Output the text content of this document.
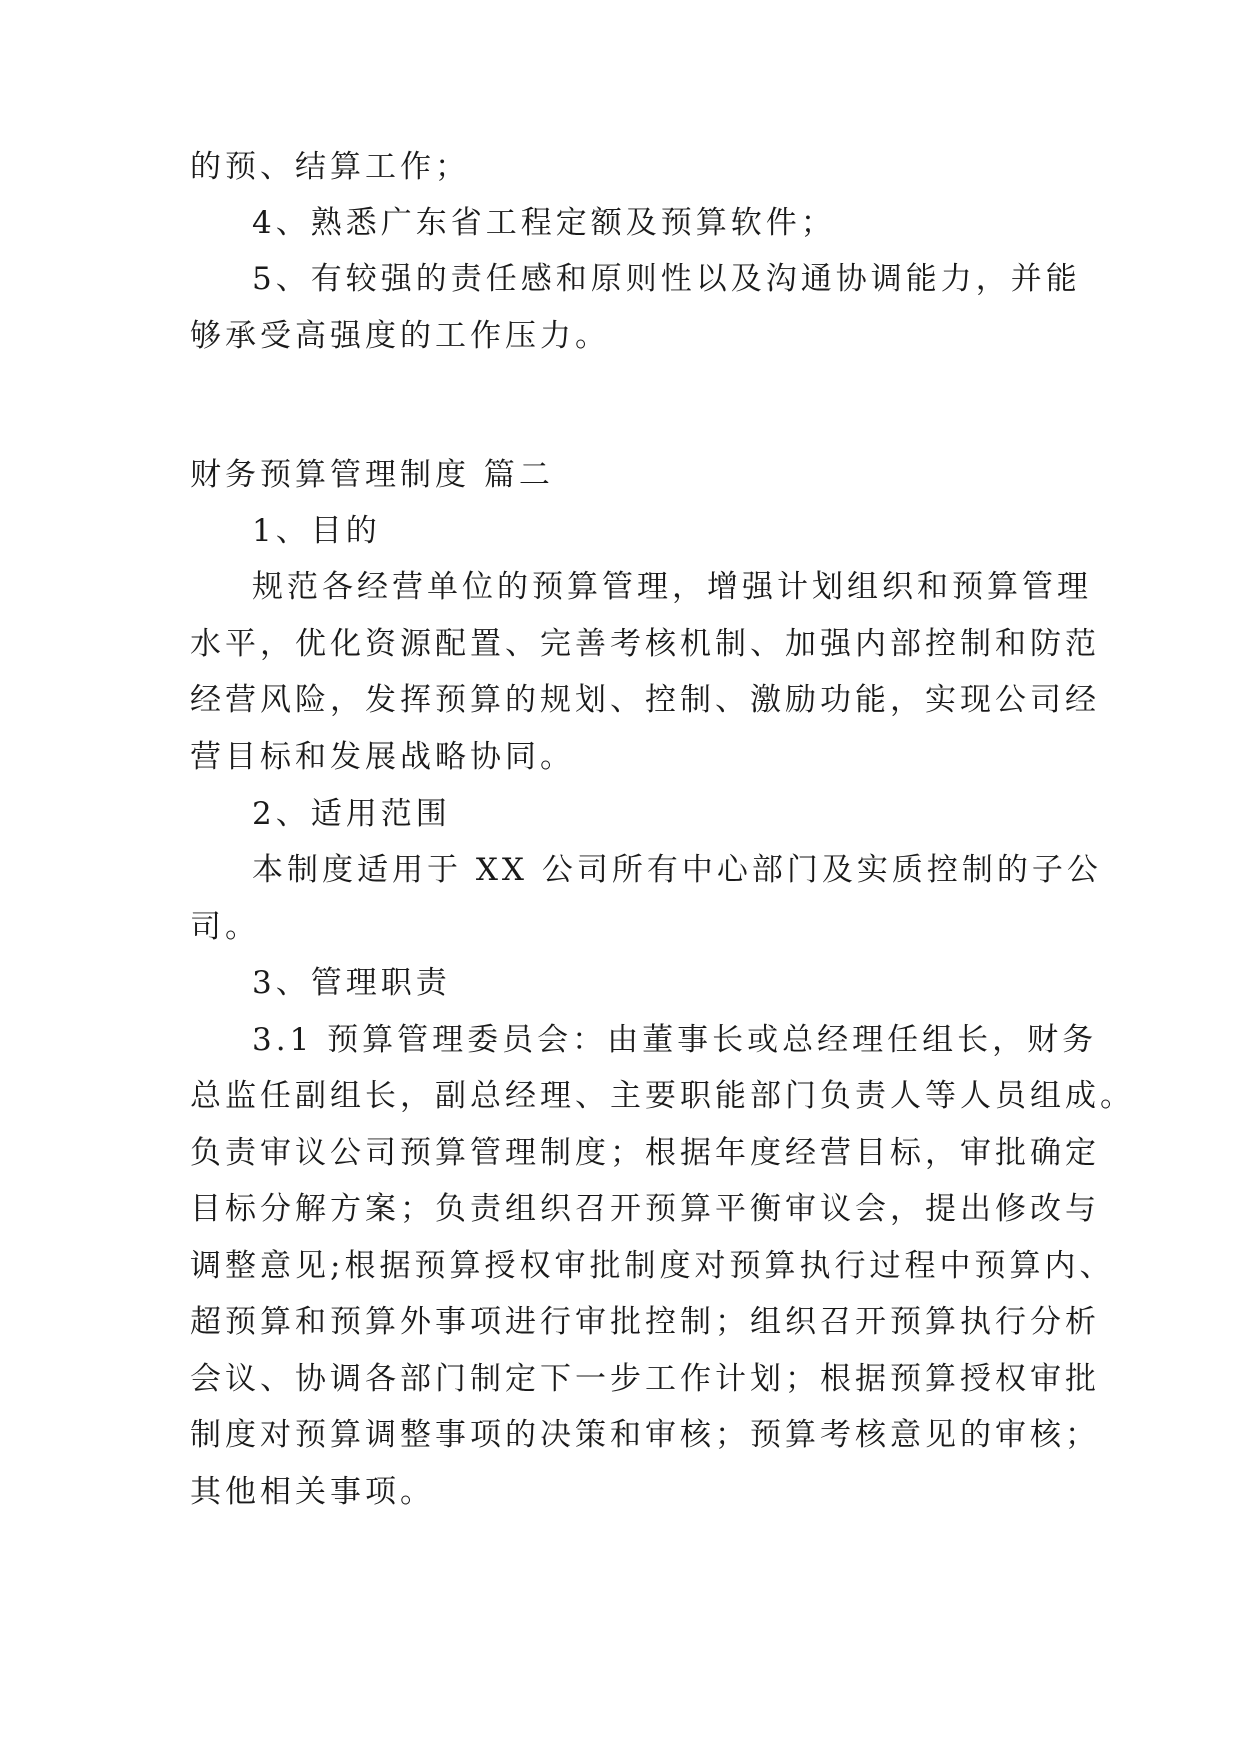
的预、结算工作；
4、熟悉广东省工程定额及预算软件；
5、有较强的责任感和原则性以及沟通协调能力，并能
够承受高强度的工作压力。
财务预算管理制度 篇二
1、目的
规范各经营单位的预算管理，增强计划组织和预算管理
水平，优化资源配置、完善考核机制、加强内部控制和防范
经营风险，发挥预算的规划、控制、激励功能，实现公司经
营目标和发展战略协同。
2、适用范围
本制度适用于 XX 公司所有中心部门及实质控制的子公
司。
3、管理职责
3.1 预算管理委员会：由董事长或总经理任组长，财务
总监任副组长，副总经理、主要职能部门负责人等人员组成。
负责审议公司预算管理制度；根据年度经营目标，审批确定
目标分解方案；负责组织召开预算平衡审议会，提出修改与
调整意见;根据预算授权审批制度对预算执行过程中预算内、
超预算和预算外事项进行审批控制；组织召开预算执行分析
会议、协调各部门制定下一步工作计划；根据预算授权审批
制度对预算调整事项的决策和审核；预算考核意见的审核；
其他相关事项。
